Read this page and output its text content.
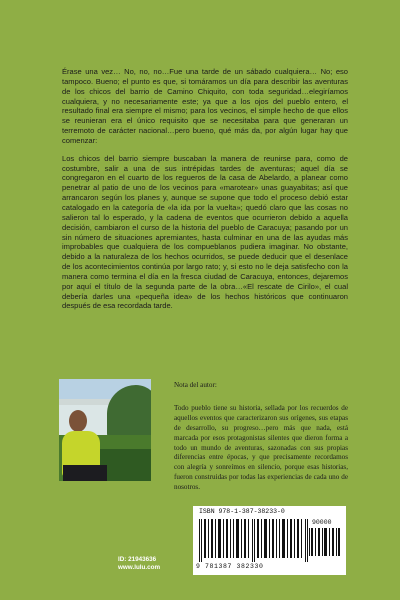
Érase una vez… No, no, no…Fue una tarde de un sábado cualquiera… No; eso tampoco. Bueno; el punto es que, si tomáramos un día para describir las aventuras de los chicos del barrio de Camino Chiquito, con toda seguridad…elegiríamos cualquiera, y no necesariamente este; ya que a los ojos del pueblo entero, el resultado final era siempre el mismo; para los vecinos, el simple hecho de que ellos se reunieran era el único requisito que se necesitaba para que generaran un terremoto de carácter nacional…pero bueno, qué más da, por algún lugar hay que comenzar:

Los chicos del barrio siempre buscaban la manera de reunirse para, como de costumbre, salir a una de sus intrépidas tardes de aventuras; aquel día se congregaron en el cuarto de los regueros de la casa de Abelardo, a planear como penetrar al patio de uno de los vecinos para «marotear» unas guayabitas; así que arrancaron según los planes y, aunque se supone que todo el proceso debió estar catalogado en la categoría de «la ida por la vuelta»; quedó claro que las cosas no salieron tal lo esperado, y la cadena de eventos que ocurrieron debido a aquella decisión, cambiaron el curso de la historia del pueblo de Caracuya; pasando por un sin número de situaciones apremiantes, hasta culminar en una de las ayudas más improbables que cualquiera de los compueblanos pudiera imaginar. No obstante, debido a la naturaleza de los hechos ocurridos, se puede deducir que el desenlace de los acontecimientos continúa por largo rato; y, si esto no le deja satisfecho con la manera como termina el día en la fresca ciudad de Caracuya, entonces, dejaremos por aquí el título de la segunda parte de la obra…«El rescate de Cirilo», el cual debería darles una «pequeña idea» de los hechos históricos que continuaron después de esa recordada tarde.

Nota del autor:

Todo pueblo tiene su historia, sellada por los recuerdos de aquellos eventos que caracterizaron sus orígenes, sus etapas de desarrollo, su progreso…pero más que nada, está marcada por esos protagonistas silentes que dieron forma a todo un mundo de aventuras, sazonadas con sus propias diferencias entre épocas, y que precisamente recordamos con alegría y sonreímos en silencio, porque esas historias, fueron construidas por todas las experiencias de cada uno de nosotros.

ISBN 978-1-387-38233-0
90000
9 781387 382330
ID: 21943636
www.lulu.com
